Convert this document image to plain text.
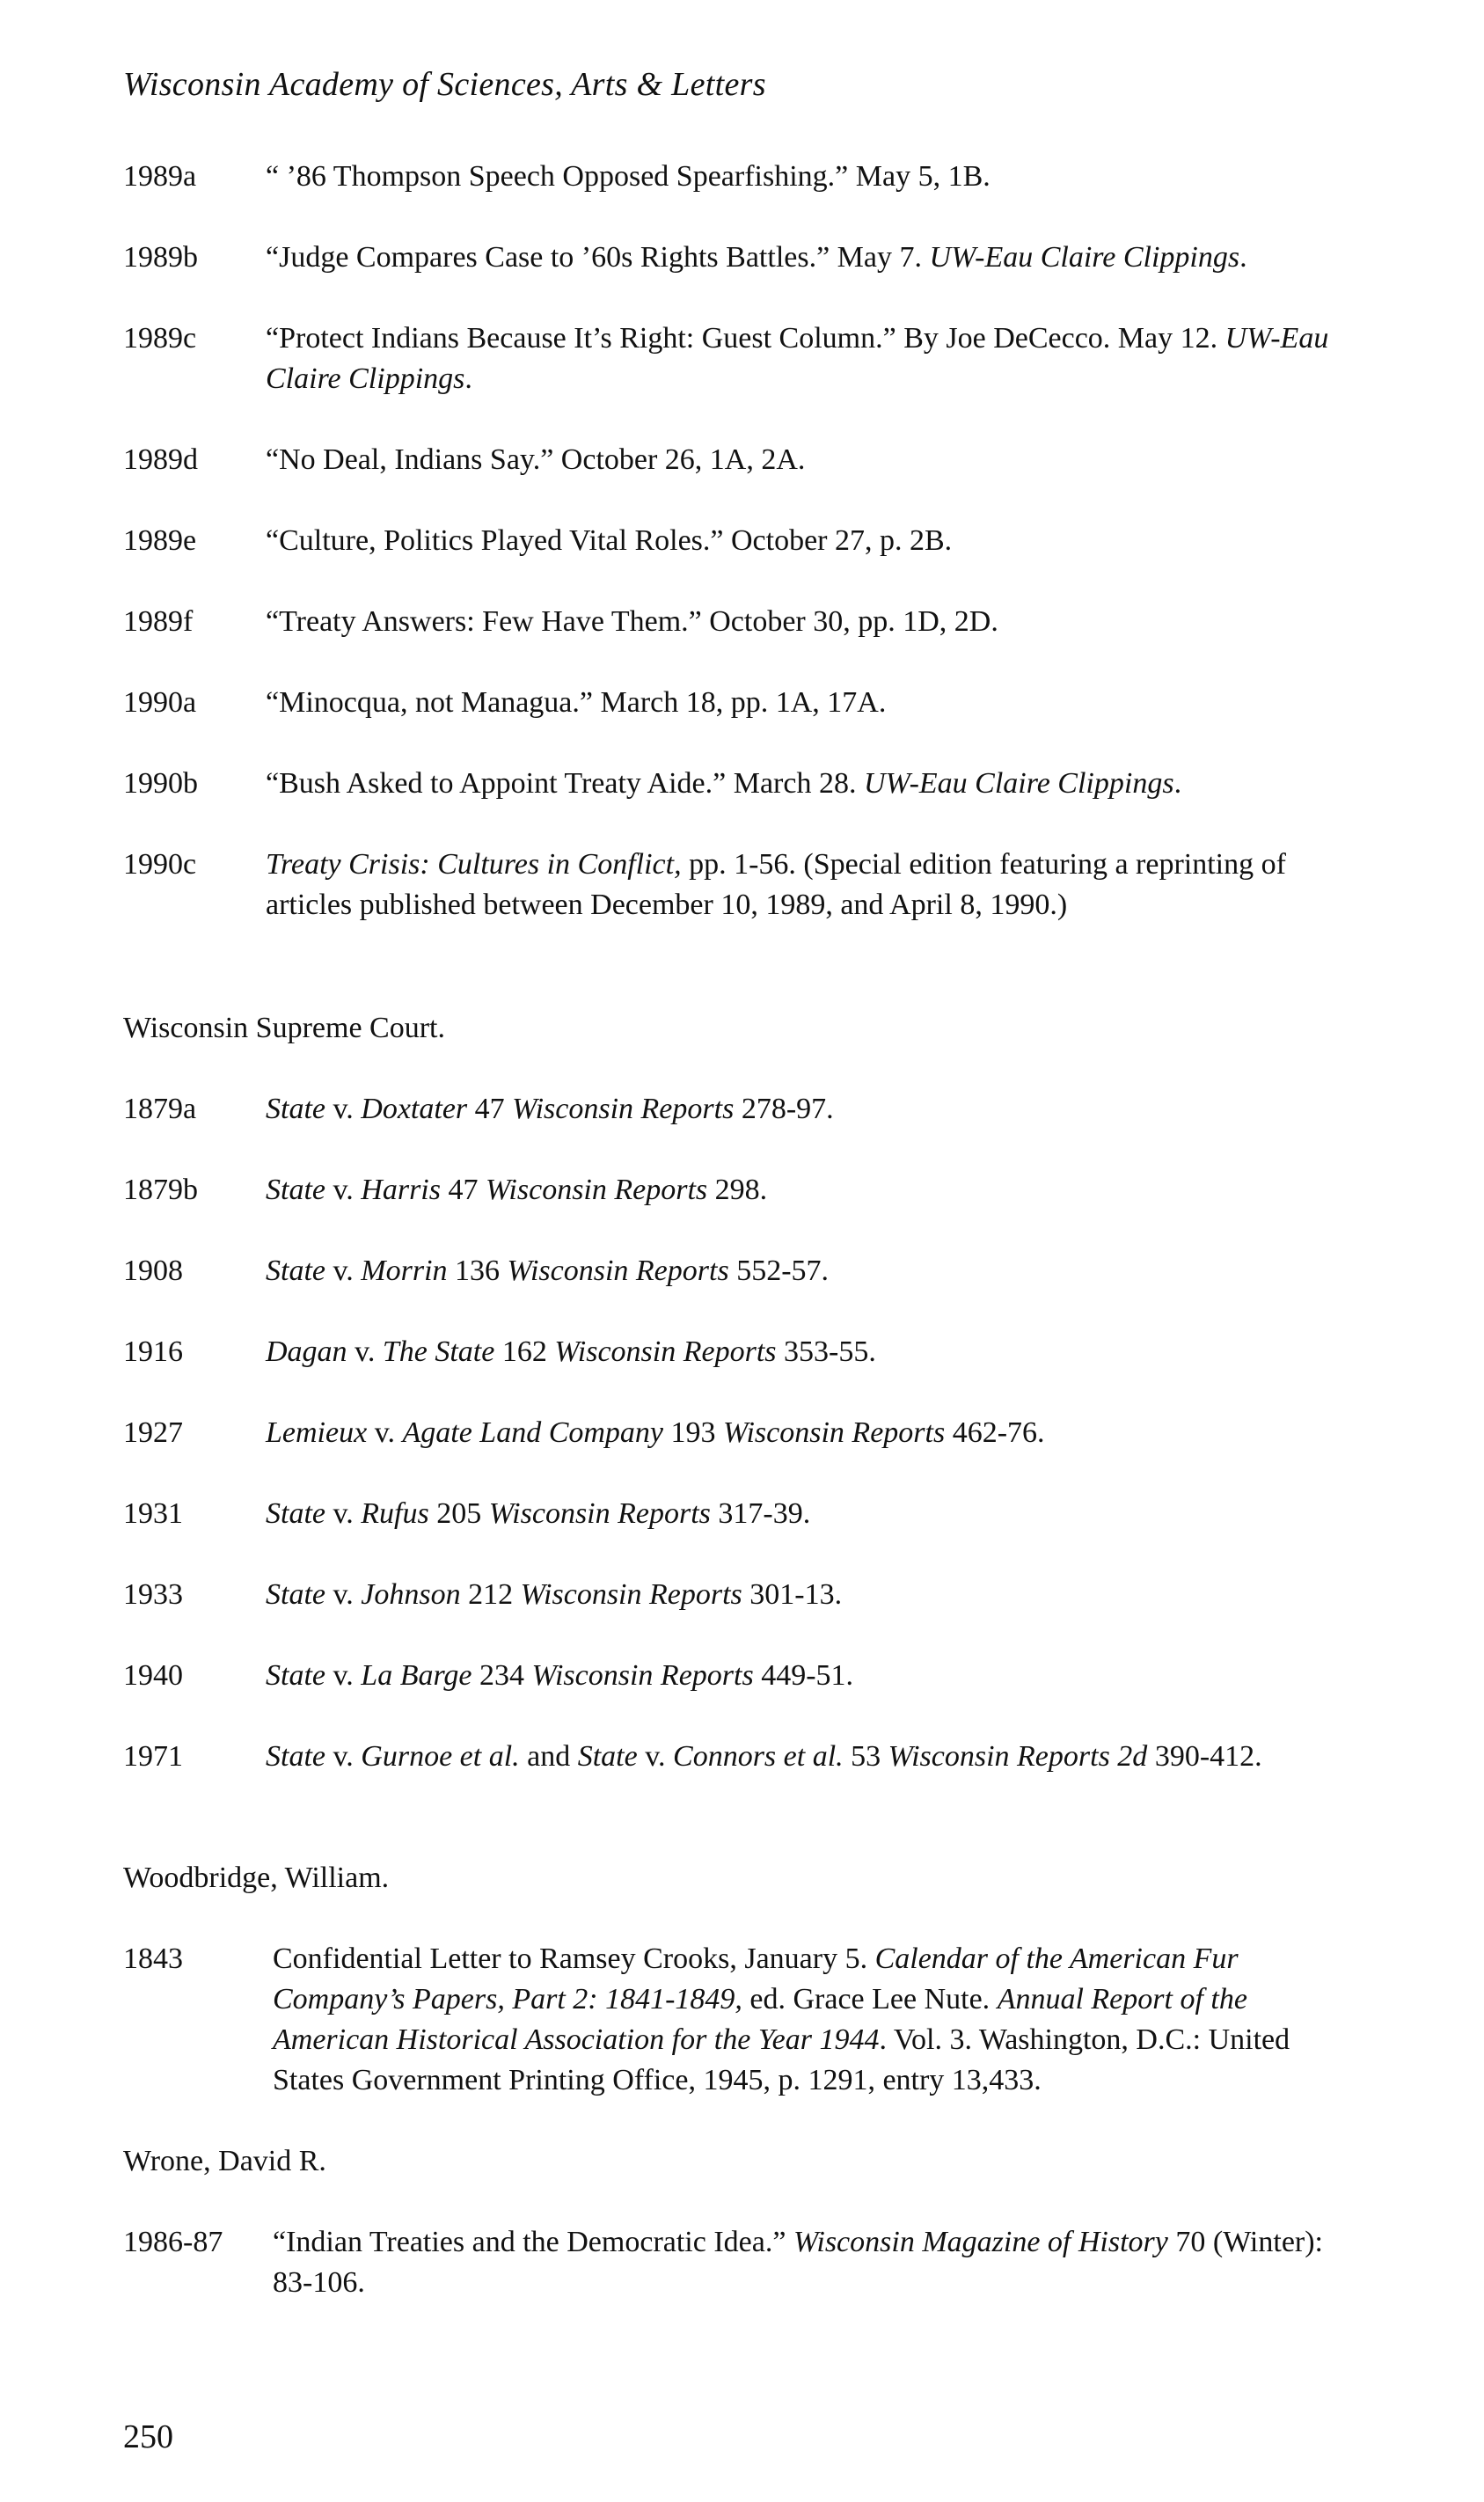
Wisconsin Academy of Sciences, Arts & Letters
1989a	“ ’86 Thompson Speech Opposed Spearfishing.” May 5, 1B.
1989b	“Judge Compares Case to ’60s Rights Battles.” May 7. UW-Eau Claire Clippings.
1989c	“Protect Indians Because It’s Right: Guest Column.” By Joe DeCecco. May 12. UW-Eau Claire Clippings.
1989d	“No Deal, Indians Say.” October 26, 1A, 2A.
1989e	“Culture, Politics Played Vital Roles.” October 27, p. 2B.
1989f	“Treaty Answers: Few Have Them.” October 30, pp. 1D, 2D.
1990a	“Minocqua, not Managua.” March 18, pp. 1A, 17A.
1990b	“Bush Asked to Appoint Treaty Aide.” March 28. UW-Eau Claire Clippings.
1990c	Treaty Crisis: Cultures in Conflict, pp. 1-56. (Special edition featuring a reprinting of articles published between December 10, 1989, and April 8, 1990.)
Wisconsin Supreme Court.
1879a	State v. Doxtater 47 Wisconsin Reports 278-97.
1879b	State v. Harris 47 Wisconsin Reports 298.
1908	State v. Morrin 136 Wisconsin Reports 552-57.
1916	Dagan v. The State 162 Wisconsin Reports 353-55.
1927	Lemieux v. Agate Land Company 193 Wisconsin Reports 462-76.
1931	State v. Rufus 205 Wisconsin Reports 317-39.
1933	State v. Johnson 212 Wisconsin Reports 301-13.
1940	State v. La Barge 234 Wisconsin Reports 449-51.
1971	State v. Gurnoe et al. and State v. Connors et al. 53 Wisconsin Reports 2d 390-412.
Woodbridge, William.
1843	Confidential Letter to Ramsey Crooks, January 5. Calendar of the American Fur Company’s Papers, Part 2: 1841-1849, ed. Grace Lee Nute. Annual Report of the American Historical Association for the Year 1944. Vol. 3. Washington, D.C.: United States Government Printing Office, 1945, p. 1291, entry 13,433.
Wrone, David R.
1986-87	“Indian Treaties and the Democratic Idea.” Wisconsin Magazine of History 70 (Winter): 83-106.
250
